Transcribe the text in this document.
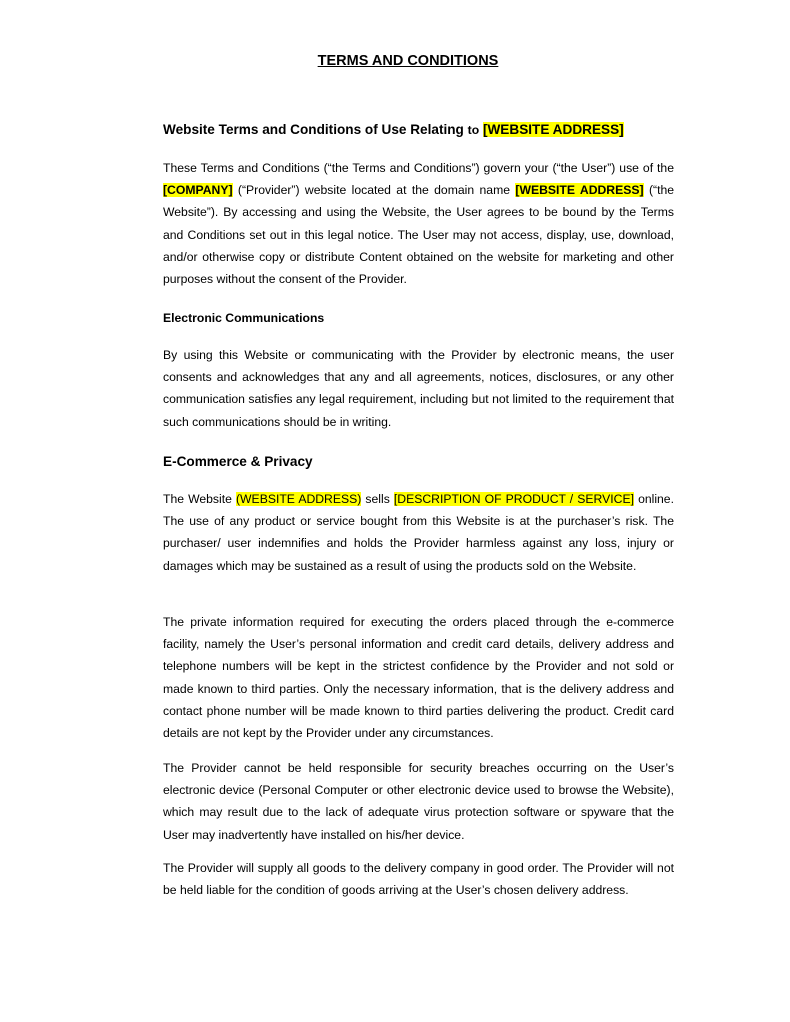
TERMS AND CONDITIONS
Website Terms and Conditions of Use Relating to [WEBSITE ADDRESS]

These Terms and Conditions (“the Terms and Conditions”) govern your (“the User”) use of the [COMPANY] (“Provider”) website located at the domain name [WEBSITE ADDRESS] (“the Website”). By accessing and using the Website, the User agrees to be bound by the Terms and Conditions set out in this legal notice. The User may not access, display, use, download, and/or otherwise copy or distribute Content obtained on the website for marketing and other purposes without the consent of the Provider.

Electronic Communications

By using this Website or communicating with the Provider by electronic means, the user consents and acknowledges that any and all agreements, notices, disclosures, or any other communication satisfies any legal requirement, including but not limited to the requirement that such communications should be in writing.

E-Commerce & Privacy

The Website (WEBSITE ADDRESS) sells [DESCRIPTION OF PRODUCT / SERVICE] online. The use of any product or service bought from this Website is at the purchaser’s risk. The purchaser/ user indemnifies and holds the Provider harmless against any loss, injury or damages which may be sustained as a result of using the products sold on the Website.

The private information required for executing the orders placed through the e-commerce facility, namely the User’s personal information and credit card details, delivery address and telephone numbers will be kept in the strictest confidence by the Provider and not sold or made known to third parties. Only the necessary information, that is the delivery address and contact phone number will be made known to third parties delivering the product. Credit card details are not kept by the Provider under any circumstances.

The Provider cannot be held responsible for security breaches occurring on the User’s electronic device (Personal Computer or other electronic device used to browse the Website), which may result due to the lack of adequate virus protection software or spyware that the User may inadvertently have installed on his/her device.

The Provider will supply all goods to the delivery company in good order. The Provider will not be held liable for the condition of goods arriving at the User’s chosen delivery address.
